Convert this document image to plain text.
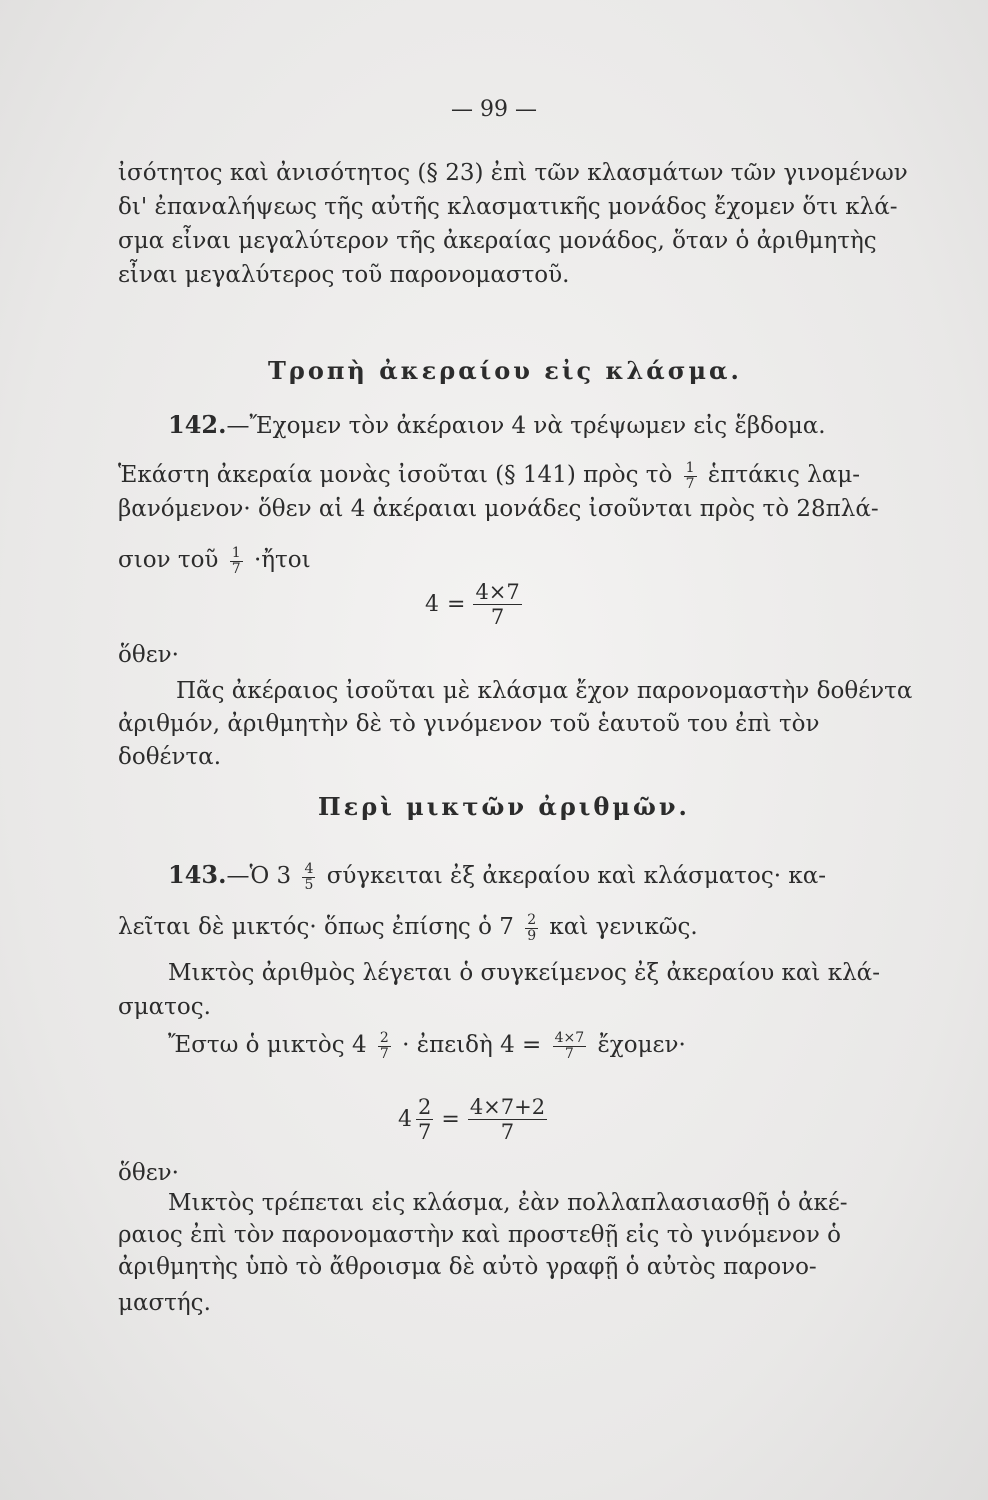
— 99 —
ἰσότητος καὶ ἀνισότητος (§ 23) ἐπὶ τῶν κλασμάτων τῶν γινομένων
δι' ἐπαναλήψεως τῆς αὐτῆς κλασματικῆς μονάδος ἔχομεν ὅτι κλά-
σμα εἶναι μεγαλύτερον τῆς ἀκεραίας μονάδος, ὅταν ὁ ἀριθμητὴς
εἶναι μεγαλύτερος τοῦ παρονομαστοῦ.
Τροπὴ ἀκεραίου εἰς κλάσμα.
142.—Ἔχομεν τὸν ἀκέραιον 4 νὰ τρέψωμεν εἰς ἕβδομα.
Ἑκάστη ἀκεραία μονὰς ἰσοῦται (§ 141) πρὸς τὸ $\frac{1}{7}$ ἑπτάκις λαμ-
βανόμενον· ὅθεν αἱ 4 ἀκέραιαι μονάδες ἰσοῦνται πρὸς τὸ 28πλά-
σιον τοῦ $\frac{1}{7}$ ·ἤτοι
$4 = \frac{4\times 7}{7}$
ὅθεν·
Πᾶς ἀκέραιος ἰσοῦται μὲ κλάσμα ἔχον παρονομαστὴν δοθέντα
ἀριθμόν, ἀριθμητὴν δὲ τὸ γινόμενον τοῦ ἑαυτοῦ του ἐπὶ τὸν
δοθέντα.
Περὶ μικτῶν ἀριθμῶν.
143.—Ὁ $3 \frac{4}{5}$ σύγκειται ἐξ ἀκεραίου καὶ κλάσματος· κα-
λεῖται δὲ μικτός· ὅπως ἐπίσης ὁ $7 \frac{2}{9}$ καὶ γενικῶς.
Μικτὸς ἀριθμὸς λέγεται ὁ συγκείμενος ἐξ ἀκεραίου καὶ κλά-
σματος.
Ἔστω ὁ μικτὸς $4 \frac{2}{7}$ · ἐπειδὴ $4 = \frac{4\times 7}{7}$ ἔχομεν·
$4 \frac{2}{7} = \frac{4\times 7+2}{7}$
ὅθεν·
Μικτὸς τρέπεται εἰς κλάσμα, ἐὰν πολλαπλασιασθῇ ὁ ἀκέ-
ραιος ἐπὶ τὸν παρονομαστὴν καὶ προστεθῇ εἰς τὸ γινόμενον ὁ
ἀριθμητὴς ὑπὸ τὸ ἄθροισμα δὲ αὐτὸ γραφῇ ὁ αὐτὸς παρονο-
μαστής.
